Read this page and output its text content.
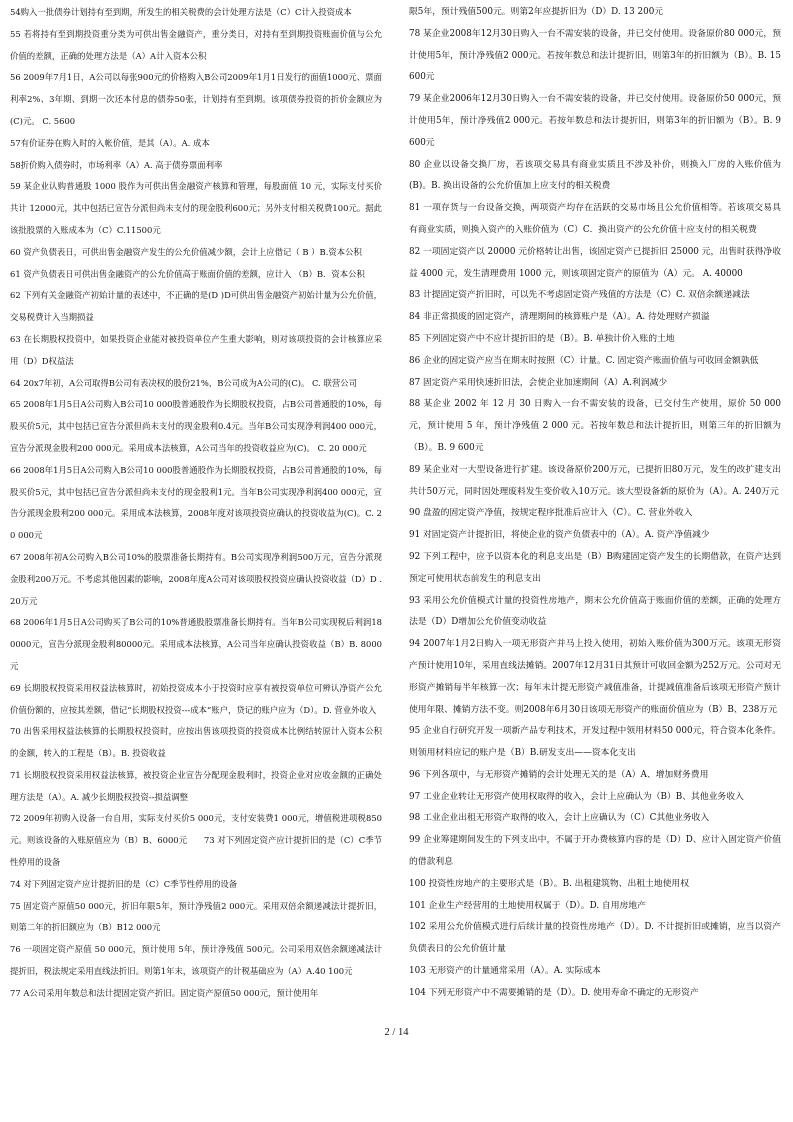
54购入一批债券计划持有至到期，所发生的相关税费的会计处理方法是（C）C计入投资成本

55 若将持有至到期投资重分类为可供出售金融资产，重分类日，对持有至到期投资账面价值与公允价值的差额，正确的处理方法是（A）A计入资本公积

56 2009年7月1日，A公司以每张900元的价格购入B公司2009年1月1日发行的面值1000元、票面利率2%、3年期、到期一次还本付息的债券50张，计划持有至到期。该项债券投资的折价金额应为(C)元。 C. 5600

57有价证券在购入时的入帐价值，是其（A）。A. 成本

58折价购入债券时，市场利率（A）A. 高于债券票面利率

59 某企业认购普通股 1000 股作为可供出售金融资产核算和管理，每股面值 10 元，实际支付买价共计 12000元，其中包括已宣告分派但尚未支付的现金股利600元；另外支付相关税费100元。据此该批股票的入账成本为（C）C.11500元

60 资产负债表日，可供出售金融资产发生的公允价值减少额，会计上应借记（ B ）B.资本公积

61 资产负债表日可供出售金融资产的公允价值高于账面价值的差额，应计入 （B）B．资本公积

62 下列有关金融资产初始计量的表述中，不正确的是(D )D可供出售金融资产初始计量为公允价值，交易税费计入当期损益

63 在长期股权投资中，如果投资企业能对被投资单位产生重大影响，则对该项投资的会计核算应采用（D）D权益法

64 20x7年初，A公司取得B公司有表决权的股份21%，B公司成为A公司的(C)。 C. 联营公司

65 2008年1月5日A公司购入B公司10 000股普通股作为长期股权投资，占B公司普通股的10%，每股买价5元，其中包括已宣告分派但尚未支付的现金股利0.4元。当年B公司实现净利润400 000元，宣告分派现金股利200 000元。采用成本法核算，A公司当年的投资收益应为(C)。 C. 20 000元

66 2008年1月5日A公司购入B公司10 000股普通股作为长期股权投资，占B公司普通股的10%，每股买价5元，其中包括已宣告分派但尚未支付的现金股利1元。当年B公司实现净利润400 000元，宣告分派现金股利200 000元。采用成本法核算，2008年度对该项投资应确认的投资收益为(C)。C. 20 000元

67 2008年初A公司购入B公司10%的股票准备长期持有。B公司实现净利润500万元，宣告分派现金股利200万元。不考虑其他因素的影响，2008年度A公司对该项股权投资应确认投资收益（D）D . 20万元

68 2006年1月5日A公司购买了B公司的10%普通股股票准备长期持有。当年B公司实现税后利润180000元，宣告分派现金股利80000元。采用成本法核算，A公司当年应确认投资收益（B）B. 8000元

69 长期股权投资采用权益法核算时，初始投资成本小于投资时应享有被投资单位可辨认净资产公允价值份额的，应按其差额，借记“长期股权投资---成本”账户，贷记的账户应为（D）。D. 营业外收入

70 出售采用权益法核算的长期股权投资时，应按出售该项投资的投资成本比例结转原计入资本公积的金额，转入的工程是（B）。B. 投资收益

71 长期股权投资采用权益法核算，被投资企业宣告分配现金股利时，投资企业对应收金额的正确处理方法是（A）。A. 减少长期股权投资--损益调整

72 2009年初购入设备一台自用，实际支付买价5 000元，支付安装费1 000元，增值税进项税850元。则该设备的入账原值应为（B）B、6000元　　73 对下列固定资产应计提折旧的是（C）C季节性停用的设备

74 对下列固定资产应计提折旧的是（C）C季节性停用的设备

75 固定资产原值50 000元，折旧年限5年，预计净残值2 000元。采用双倍余额递减法计提折旧，则第二年的折旧额应为（B）B12 000元

76 一项固定资产原值 50 000元，预计使用 5年，预计净残值 500元。公司采用双倍余额递减法计提折旧，税法规定采用直线法折旧。则第1年末，该项资产的计税基础应为（A）A.40 100元

77 A公司采用年数总和法计提固定资产折旧。固定资产原值50 000元，预计使用年

限5年，预计残值500元。则第2年应提折旧为（D）D. 13 200元

78 某企业2008年12月30日购入一台不需安装的设备，并已交付使用。设备原价80 000元，预计使用5年，预计净残值2 000元。若按年数总和法计提折旧，则第3年的折旧额为（B）。B. 15 600元

79 某企业2006年12月30日购入一台不需安装的设备，并已交付使用。设备原价50 000元，预计使用5年，预计净残值2 000元。若按年数总和法计提折旧，则第3年的折旧额为（B）。B. 9 600元

80 企业以设备交换厂房，若该项交易具有商业实质且不涉及补价，则换入厂房的入账价值为(B)。B. 换出设备的公允价值加上应支付的相关税费

81 一项存货与一台设备交换，两项资产均存在活跃的交易市场且公允价值相等。若该项交易具有商业实质，则换入资产的入账价值为（C）C．换出资产的公允价值十应支付的相关税费

82 一项固定资产以 20000 元价格转让出售，该固定资产已提折旧 25000 元，出售时获得净收益 4000 元，发生清理费用 1000 元，则该项固定资产的原值为（A）元。 A. 40000

83 计提固定资产折旧时，可以先不考虑固定资产残值的方法是（C）C. 双倍余额递减法

84 非正常损废的固定资产，清理期间的核算账户是（A）。A. 待处理财产损溢

85 下列固定资产中不应计提折旧的是（B）。B. 单独计价入账的土地

86 企业的固定资产应当在期末时按照（C）计量。C. 固定资产账面价值与可收回金额孰低

87 固定资产采用快速折旧法，会使企业加速期间（A）A.利润减少

88 某企业 2002 年 12 月 30 日购入一台不需安装的设备，已交付生产使用，原价 50 000 元，预计使用 5 年，预计净残值 2 000 元。若按年数总和法计提折旧，则第三年的折旧额为（B）。B. 9 600元

89 某企业对一大型设备进行扩建。该设备原价200万元，已提折旧80万元，发生的改扩建支出共计50万元，同时因处理废料发生变价收入10万元。该大型设备新的原价为（A）。A. 240万元

90 盘盈的固定资产净值，按规定程序批准后应计入（C）。C. 营业外收入

91 对固定资产计提折旧，将使企业的资产负债表中的（A）。A. 资产净值减少

92 下列工程中，应予以资本化的利息支出是（B）B购建固定资产发生的长期借款，在资产达到预定可使用状态前发生的利息支出

93 采用公允价值模式计量的投资性房地产，期末公允价值高于账面价值的差额，正确的处理方法是（D）D增加公允价值变动收益

94 2007年1月2日购入一项无形资产并马上投入使用，初始入账价值为300万元。该项无形资产预计使用10年，采用直线法摊销。2007年12月31日其预计可收回金额为252万元。公司对无形资产摊销每半年核算一次；每年末计提无形资产减值准备，计提减值准备后该项无形资产预计使用年限、摊销方法不变。则2008年6月30日该项无形资产的账面价值应为（B）B、238万元

95 企业自行研究开发一项新产品专利技术，开发过程中领用材料50 000元，符合资本化条件。则领用材料应记的账户是（B）B.研发支出——资本化支出

96 下列各项中，与无形资产摊销的会计处理无关的是（A）A、增加财务费用

97 工业企业转让无形资产使用权取得的收入，会计上应确认为（B）B、其他业务收入

98 工业企业出租无形资产取得的收入，会计上应确认为（C）C其他业务收入

99 企业筹建期间发生的下列支出中，不属于开办费核算内容的是（D）D、应计入固定资产价值的借款利息

100 投资性房地产的主要形式是（B）。B. 出租建筑物、出租土地使用权

101 企业生产经营用的土地使用权属于（D）。D. 自用房地产

102 采用公允价值模式进行后续计量的投资性房地产（D）。D. 不计提折旧或摊销，应当以资产负债表日的公允价值计量

103 无形资产的计量通常采用（A）。A. 实际成本

104 下列无形资产中不需要摊销的是（D）。D. 使用寿命不确定的无形资产

2 / 14
